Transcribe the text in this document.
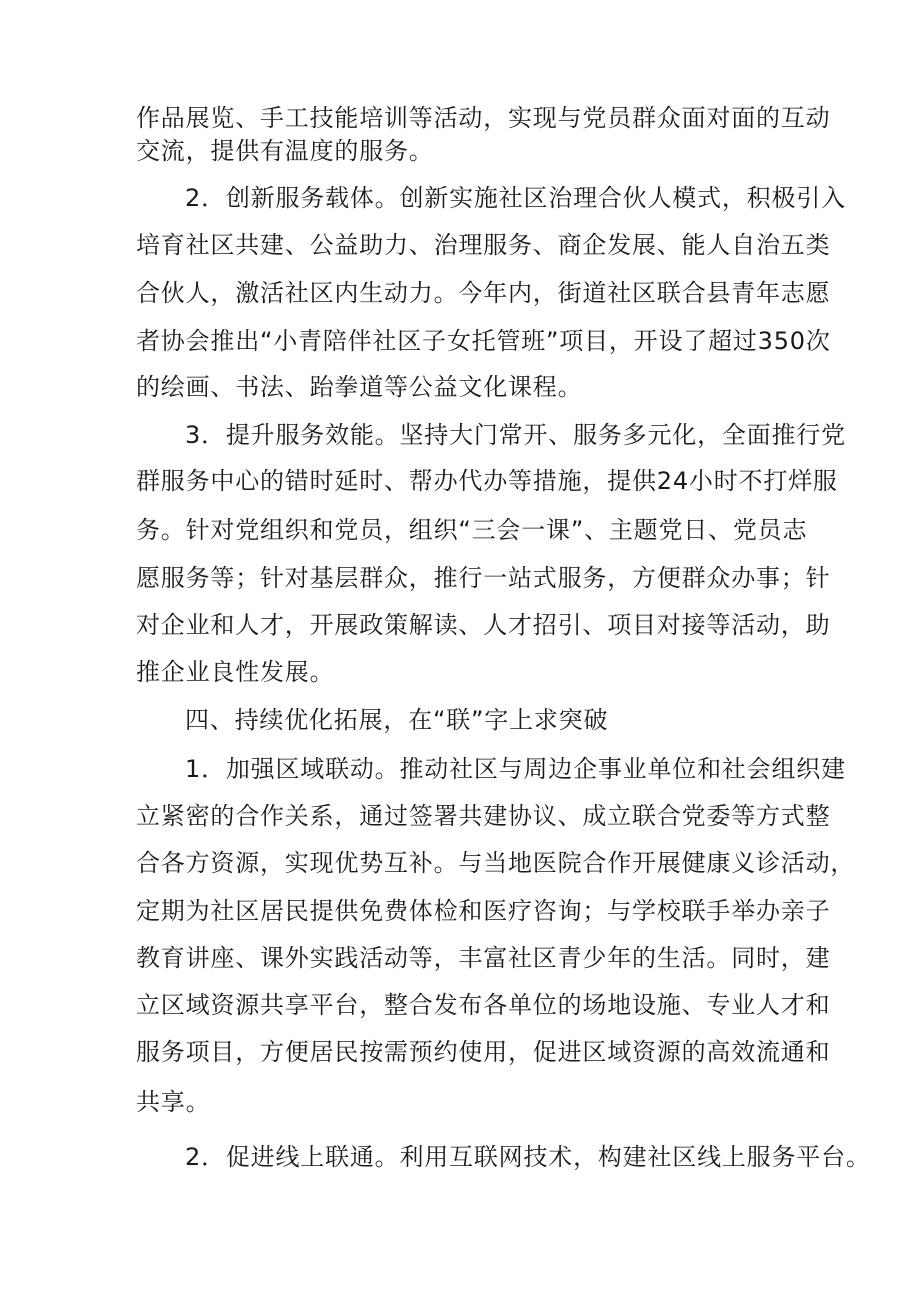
作品展览、手工技能培训等活动，实现与党员群众面对面的互动
交流，提供有温度的服务。
2．创新服务载体。创新实施社区治理合伙人模式，积极引入
培育社区共建、公益助力、治理服务、商企发展、能人自治五类
合伙人，激活社区内生动力。今年内，街道社区联合县青年志愿
者协会推出“小青陪伴社区子女托管班”项目，开设了超过350次
的绘画、书法、跆拳道等公益文化课程。
3．提升服务效能。坚持大门常开、服务多元化，全面推行党
群服务中心的错时延时、帮办代办等措施，提供24小时不打烊服
务。针对党组织和党员，组织“三会一课”、主题党日、党员志
愿服务等；针对基层群众，推行一站式服务，方便群众办事；针
对企业和人才，开展政策解读、人才招引、项目对接等活动，助
推企业良性发展。
四、持续优化拓展，在“联”字上求突破
1．加强区域联动。推动社区与周边企事业单位和社会组织建
立紧密的合作关系，通过签署共建协议、成立联合党委等方式整
合各方资源，实现优势互补。与当地医院合作开展健康义诊活动，
定期为社区居民提供免费体检和医疗咨询；与学校联手举办亲子
教育讲座、课外实践活动等，丰富社区青少年的生活。同时，建
立区域资源共享平台，整合发布各单位的场地设施、专业人才和
服务项目，方便居民按需预约使用，促进区域资源的高效流通和
共享。
2．促进线上联通。利用互联网技术，构建社区线上服务平台。
